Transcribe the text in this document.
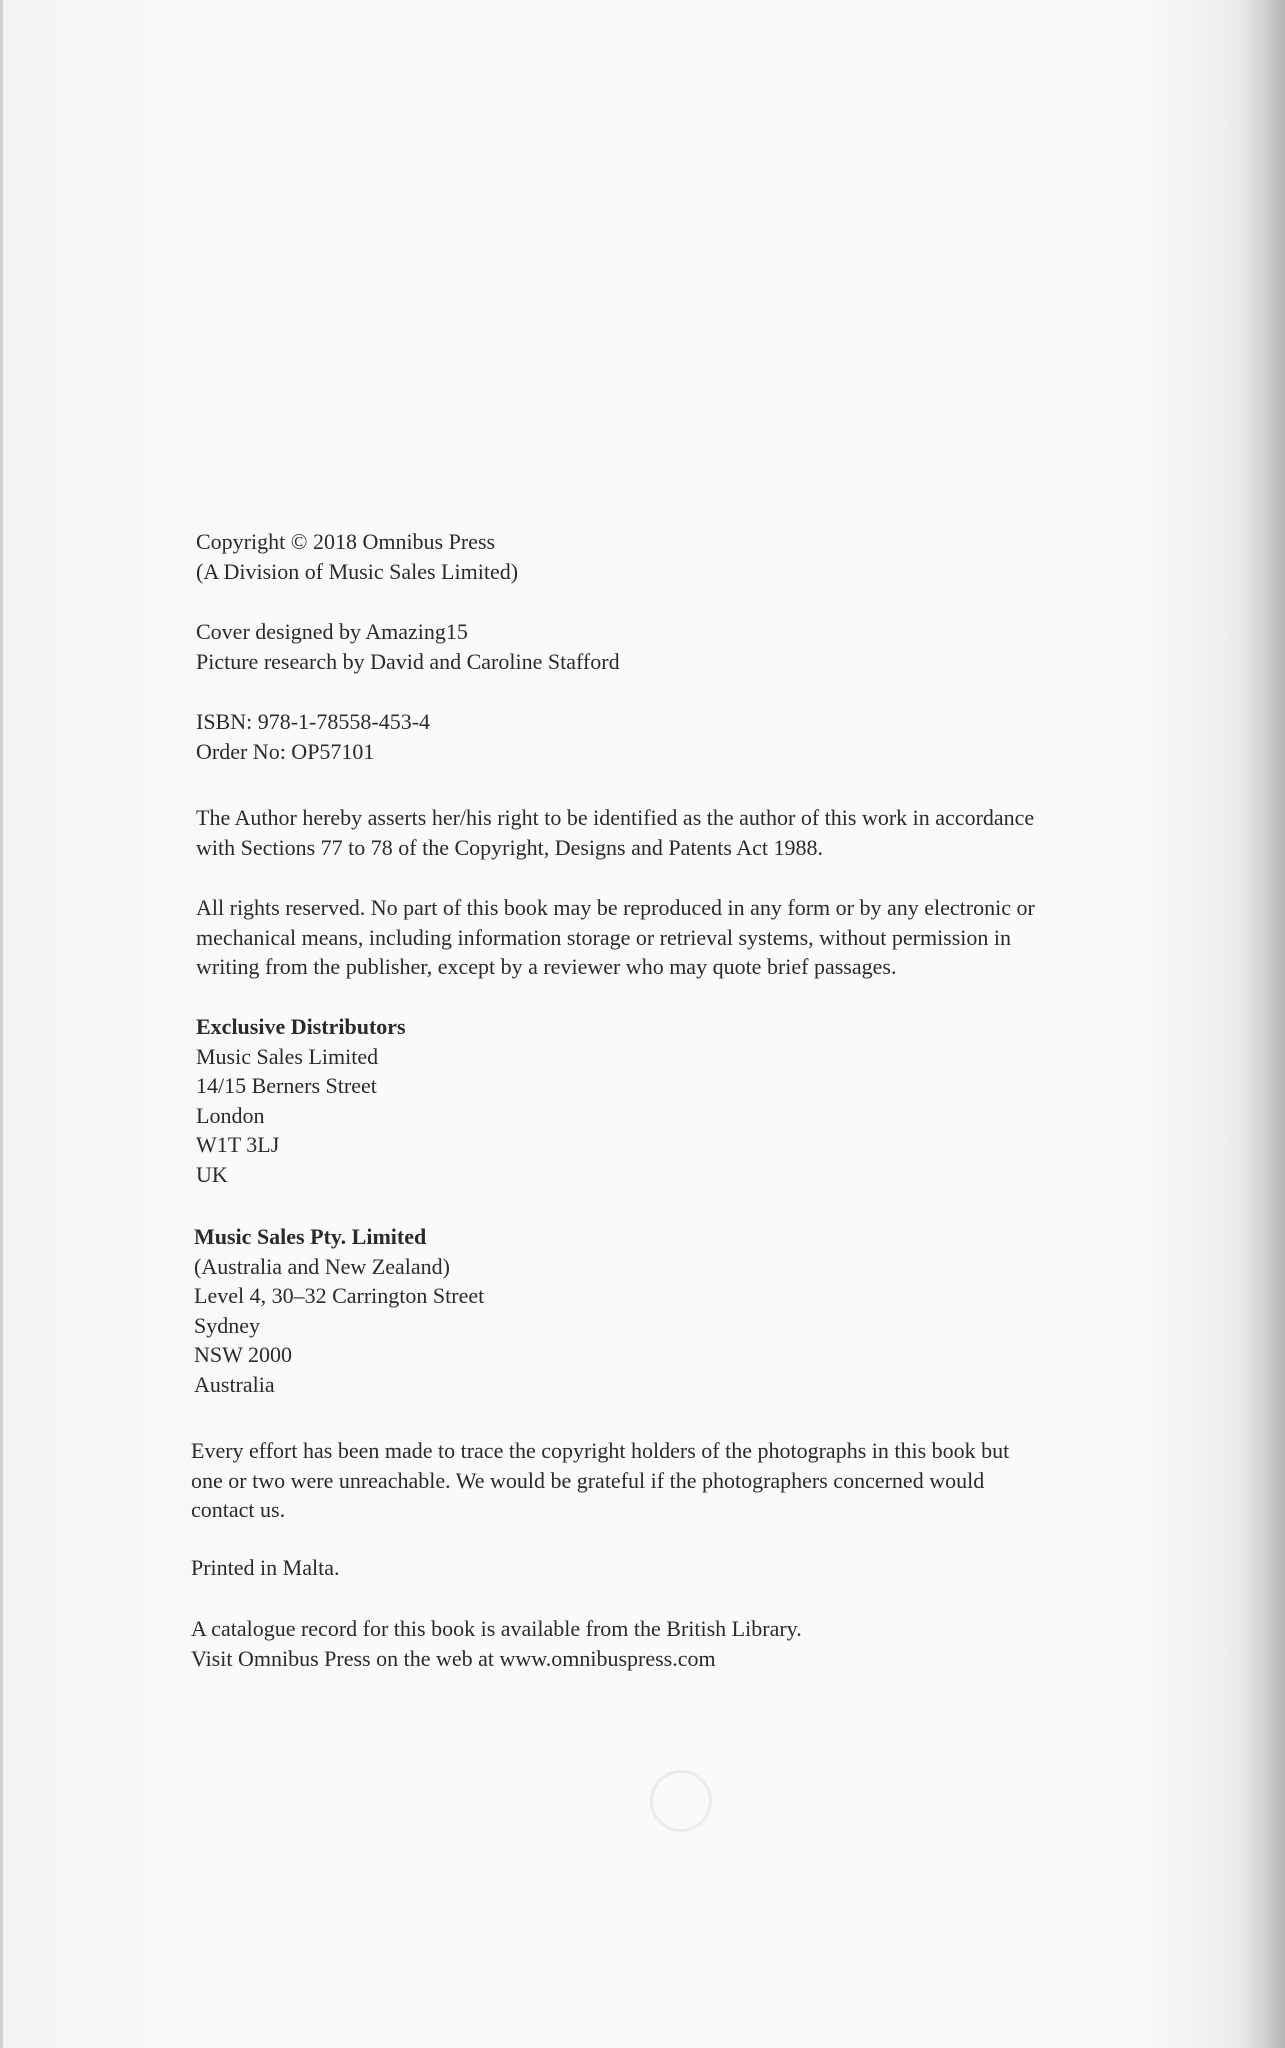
Copyright © 2018 Omnibus Press
(A Division of Music Sales Limited)
Cover designed by Amazing15
Picture research by David and Caroline Stafford
ISBN: 978-1-78558-453-4
Order No: OP57101
The Author hereby asserts her/his right to be identified as the author of this work in accordance
with Sections 77 to 78 of the Copyright, Designs and Patents Act 1988.
All rights reserved. No part of this book may be reproduced in any form or by any electronic or
mechanical means, including information storage or retrieval systems, without permission in
writing from the publisher, except by a reviewer who may quote brief passages.
Exclusive Distributors
Music Sales Limited
14/15 Berners Street
London
W1T 3LJ
UK
Music Sales Pty. Limited
(Australia and New Zealand)
Level 4, 30–32 Carrington Street
Sydney
NSW 2000
Australia
Every effort has been made to trace the copyright holders of the photographs in this book but
one or two were unreachable. We would be grateful if the photographers concerned would
contact us.
Printed in Malta.
A catalogue record for this book is available from the British Library.
Visit Omnibus Press on the web at www.omnibuspress.com
